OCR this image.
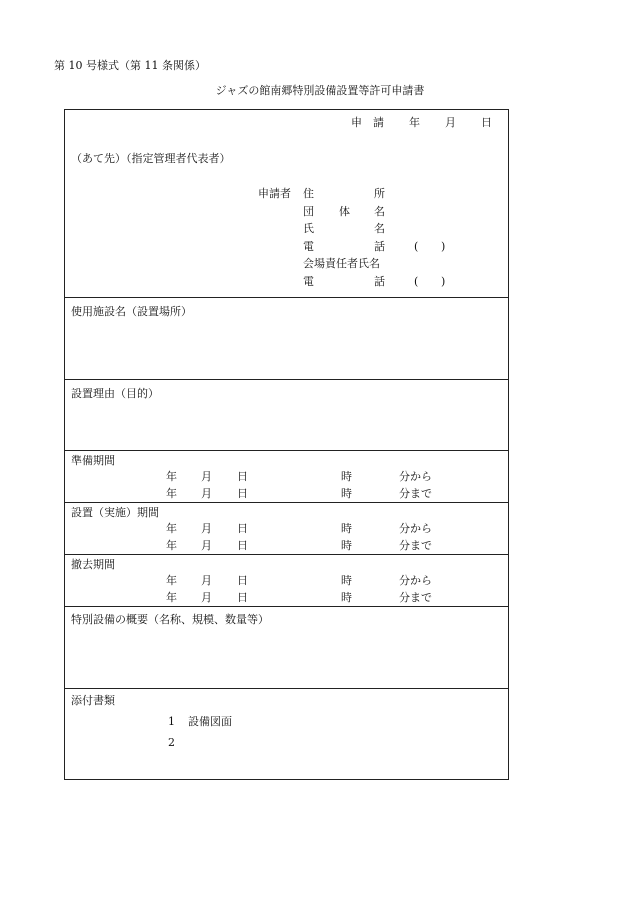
第 10 号様式（第 11 条関係）
ジャズの館南郷特別設備設置等許可申請書
申　請 年 月 日
（あて先）（指定管理者代表者）
申請者 住	所
団 体 名
氏	名
電	話	( )
会場責任者氏名
電	話	( )
使用施設名（設置場所）
設置理由（目的）
準備期間
年 月 日	時	分から
年 月 日	時	分まで
設置（実施）期間
年 月 日	時	分から
年 月 日	時	分まで
撤去期間
年 月 日	時	分から
年 月 日	時	分まで
特別設備の概要（名称、規模、数量等）
添付書類
1 設備図面
2
